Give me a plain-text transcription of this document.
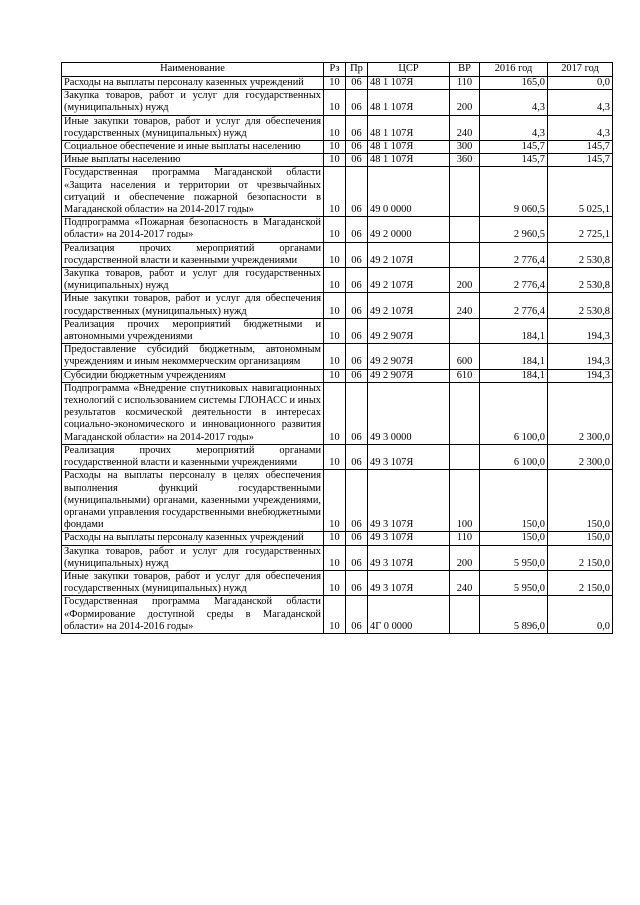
Наименование	Рз	Пр	ЦСР	ВР	2016 год	2017 год
Расходы на выплаты персоналу казенных учреждений	10	06	48 1 107Я	110	165,0	0,0
Закупка товаров, работ и услуг для государственных (муниципальных) нужд	10	06	48 1 107Я	200	4,3	4,3
Иные закупки товаров, работ и услуг для обеспечения государственных (муниципальных) нужд	10	06	48 1 107Я	240	4,3	4,3
Социальное обеспечение и иные выплаты населению	10	06	48 1 107Я	300	145,7	145,7
Иные выплаты населению	10	06	48 1 107Я	360	145,7	145,7
Государственная программа Магаданской области «Защита населения и территории от чрезвычайных ситуаций и обеспечение пожарной безопасности в Магаданской области» на 2014-2017 годы»	10	06	49 0 0000		9 060,5	5 025,1
Подпрограмма «Пожарная безопасность в Магаданской области» на 2014-2017 годы»	10	06	49 2 0000		2 960,5	2 725,1
Реализация прочих мероприятий органами государственной власти и казенными учреждениями	10	06	49 2 107Я		2 776,4	2 530,8
Закупка товаров, работ и услуг для государственных (муниципальных) нужд	10	06	49 2 107Я	200	2 776,4	2 530,8
Иные закупки товаров, работ и услуг для обеспечения государственных (муниципальных) нужд	10	06	49 2 107Я	240	2 776,4	2 530,8
Реализация прочих мероприятий бюджетными и автономными учреждениями	10	06	49 2 907Я		184,1	194,3
Предоставление субсидий бюджетным, автономным учреждениям и иным некоммерческим организациям	10	06	49 2 907Я	600	184,1	194,3
Субсидии бюджетным учреждениям	10	06	49 2 907Я	610	184,1	194,3
Подпрограмма «Внедрение спутниковых навигационных технологий с использованием системы ГЛОНАСС и иных результатов космической деятельности в интересах социально-экономического и инновационного развития Магаданской области» на 2014-2017 годы»	10	06	49 3 0000		6 100,0	2 300,0
Реализация прочих мероприятий органами государственной власти и казенными учреждениями	10	06	49 3 107Я		6 100,0	2 300,0
Расходы на выплаты персоналу в целях обеспечения выполнения функций государственными (муниципальными) органами, казенными учреждениями, органами управления государственными внебюджетными фондами	10	06	49 3 107Я	100	150,0	150,0
Расходы на выплаты персоналу казенных учреждений	10	06	49 3 107Я	110	150,0	150,0
Закупка товаров, работ и услуг для государственных (муниципальных) нужд	10	06	49 3 107Я	200	5 950,0	2 150,0
Иные закупки товаров, работ и услуг для обеспечения государственных (муниципальных) нужд	10	06	49 3 107Я	240	5 950,0	2 150,0
Государственная программа Магаданской области «Формирование доступной среды в Магаданской области» на 2014-2016 годы»	10	06	4Г 0 0000		5 896,0	0,0
